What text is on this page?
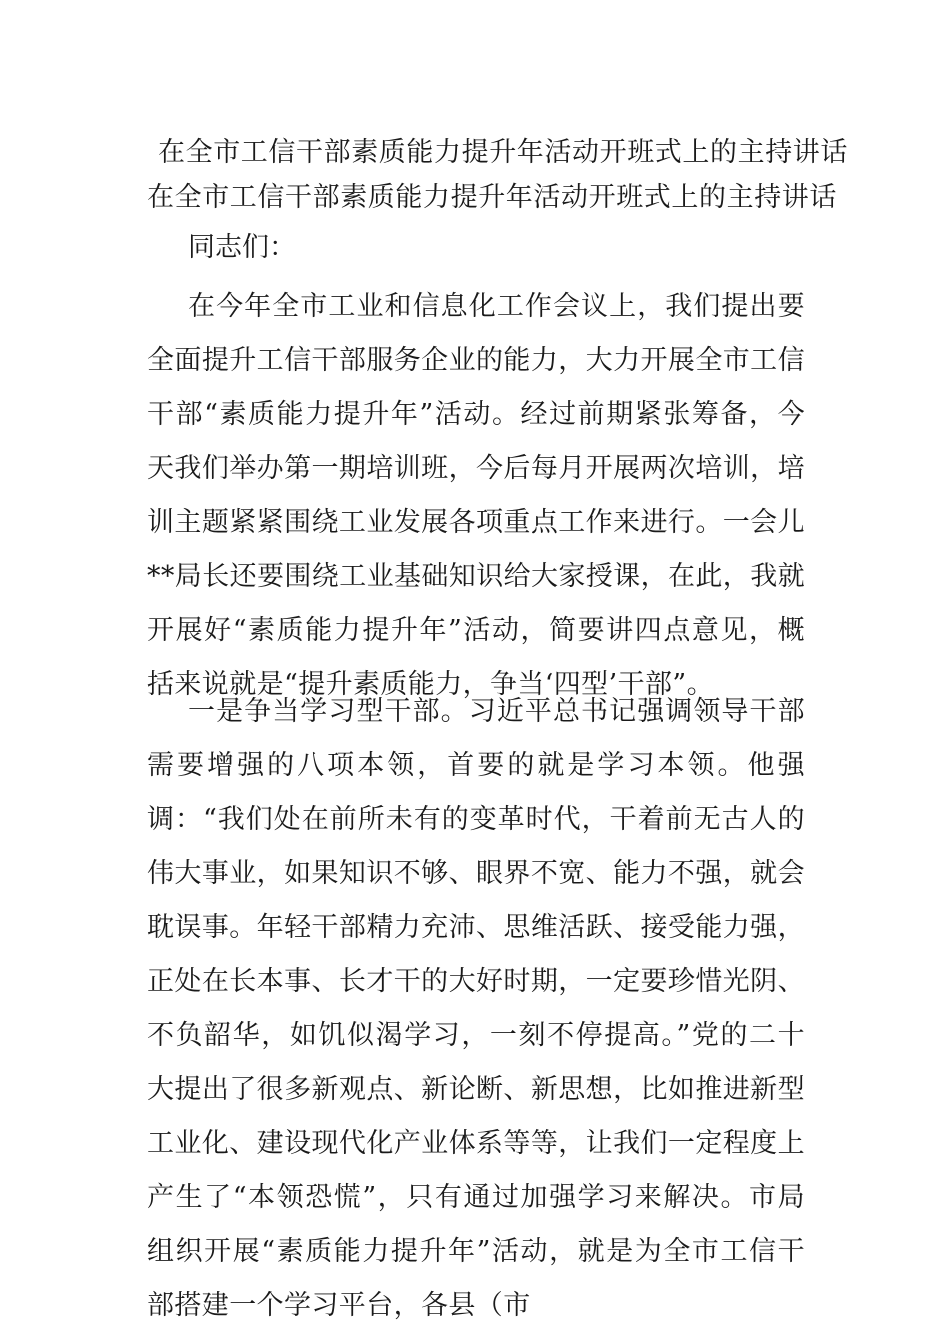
在全市工信干部素质能力提升年活动开班式上的主持讲话
在全市工信干部素质能力提升年活动开班式上的主持讲话

同志们：

在今年全市工业和信息化工作会议上，我们提出要全面提升工信干部服务企业的能力，大力开展全市工信干部“素质能力提升年”活动。经过前期紧张筹备，今天我们举办第一期培训班，今后每月开展两次培训，培训主题紧紧围绕工业发展各项重点工作来进行。一会儿**局长还要围绕工业基础知识给大家授课，在此，我就开展好“素质能力提升年”活动，简要讲四点意见，概括来说就是“提升素质能力，争当‘四型’干部”。

一是争当学习型干部。习近平总书记强调领导干部需要增强的八项本领，首要的就是学习本领。他强调：“我们处在前所未有的变革时代，干着前无古人的伟大事业，如果知识不够、眼界不宽、能力不强，就会耽误事。年轻干部精力充沛、思维活跃、接受能力强，正处在长本事、长才干的大好时期，一定要珍惜光阴、不负韶华，如饥似渴学习，一刻不停提高。”党的二十大提出了很多新观点、新论断、新思想，比如推进新型工业化、建设现代化产业体系等等，让我们一定程度上产生了“本领恐慌”，只有通过加强学习来解决。市局组织开展“素质能力提升年”活动，就是为全市工信干部搭建一个学习平台，各县（市
